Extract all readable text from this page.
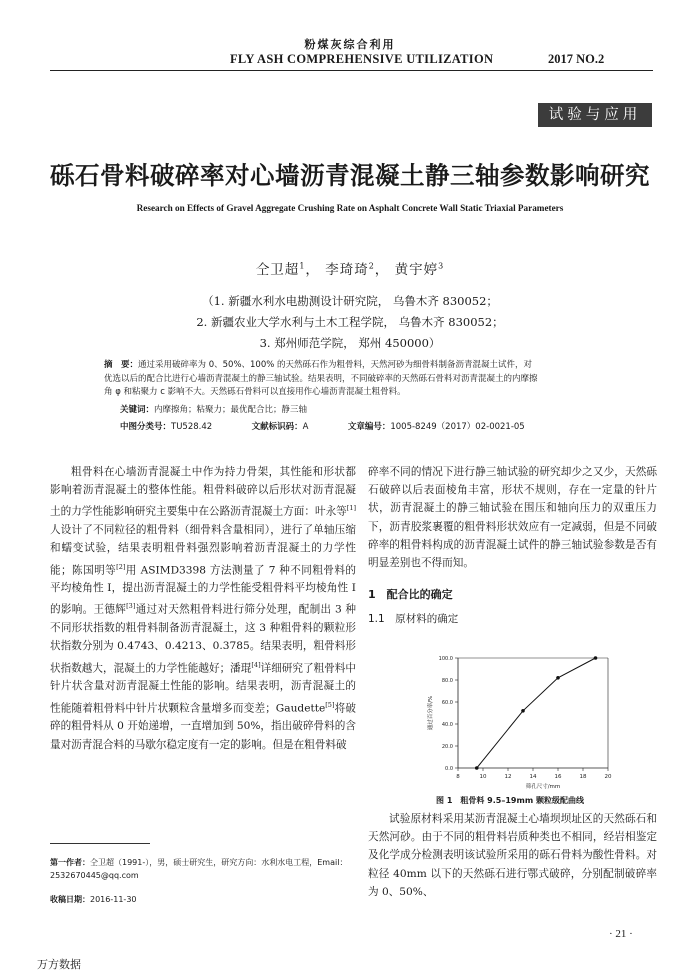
粉煤灰综合利用
FLY ASH COMPREHENSIVE UTILIZATION	2017 NO.2
试验与应用
砾石骨料破碎率对心墙沥青混凝土静三轴参数影响研究
Research on Effects of Gravel Aggregate Crushing Rate on Asphalt Concrete Wall Static Triaxial Parameters
仝卫超$^1$， 李琦琦$^2$， 黄宇婷$^3$
（1. 新疆水利水电勘测设计研究院， 乌鲁木齐 830052；
2. 新疆农业大学水利与土木工程学院， 乌鲁木齐 830052；
3. 郑州师范学院， 郑州 450000）
摘　要：通过采用破碎率为 0、50%、100% 的天然砾石作为粗骨料，天然河砂为细骨料制备沥青混凝土试件，对
优选以后的配合比进行心墙沥青混凝土的静三轴试验。结果表明，不同破碎率的天然砾石骨料对沥青混凝土的内摩擦
角 φ 和粘聚力 c 影响不大。天然砾石骨料可以直接用作心墙沥青混凝土粗骨料。
关键词：内摩擦角；粘聚力；最优配合比；静三轴
中图分类号：TU528.42	文献标识码：A	文章编号：1005-8249（2017）02-0021-05

粗骨料在心墙沥青混凝土中作为持力骨架，其性能和形状都影响着沥青混凝土的整体性能。粗骨料破碎以后形状对沥青混凝土的力学性能影响研究主要集中在公路沥青混凝土方面：叶永等[1]人设计了不同粒径的粗骨料（细骨料含量相同），进行了单轴压缩和蠕变试验，结果表明粗骨料强烈影响着沥青混凝土的力学性能；陈国明等[2]用 ASIMD3398 方法测量了 7 种不同粗骨料的平均棱角性 I，提出沥青混凝土的力学性能受粗骨料平均棱角性 I 的影响。王德辉[3]通过对天然粗骨料进行筛分处理，配制出 3 种不同形状指数的粗骨料制备沥青混凝土，这 3 种粗骨料的颗粒形状指数分别为 0.4743、0.4213、0.3785。结果表明，粗骨料形状指数越大，混凝土的力学性能越好；潘琨[4]详细研究了粗骨料中针片状含量对沥青混凝土性能的影响。结果表明，沥青混凝土的性能随着粗骨料中针片状颗粒含量增多而变差；Gaudette[5]将破碎的粗骨料从 0 开始递增，一直增加到 50%，指出破碎骨料的含量对沥青混合料的马歇尔稳定度有一定的影响。但是在粗骨料破

碎率不同的情况下进行静三轴试验的研究却少之又少，天然砾石破碎以后表面棱角丰富，形状不规则，存在一定量的针片状，沥青混凝土的静三轴试验在围压和轴向压力的双重压力下，沥青胶浆裹覆的粗骨料形状效应有一定减弱，但是不同破碎率的粗骨料构成的沥青混凝土试件的静三轴试验参数是否有明显差别也不得而知。

1　配合比的确定
1.1　原材料的确定
0.0
20.0
40.0
60.0
80.0
100.0
8	10	12	14	16	18	20
筛孔尺寸/mm
通过百分率/%
图 1　粗骨料 9.5–19mm 颗粒级配曲线

试验原材料采用某沥青混凝土心墙坝坝址区的天然砾石和天然河砂。由于不同的粗骨料岩质种类也不相同，经岩相鉴定及化学成分检测表明该试验所采用的砾石骨料为酸性骨料。对粒径 40mm 以下的天然砾石进行鄂式破碎，分别配制破碎率为 0、50%、

第一作者：仝卫超（1991-），男，硕士研究生，研究方向：水利水电工程，Email：2532670445@qq.com
收稿日期：2016-11-30
· 21 ·
万方数据
